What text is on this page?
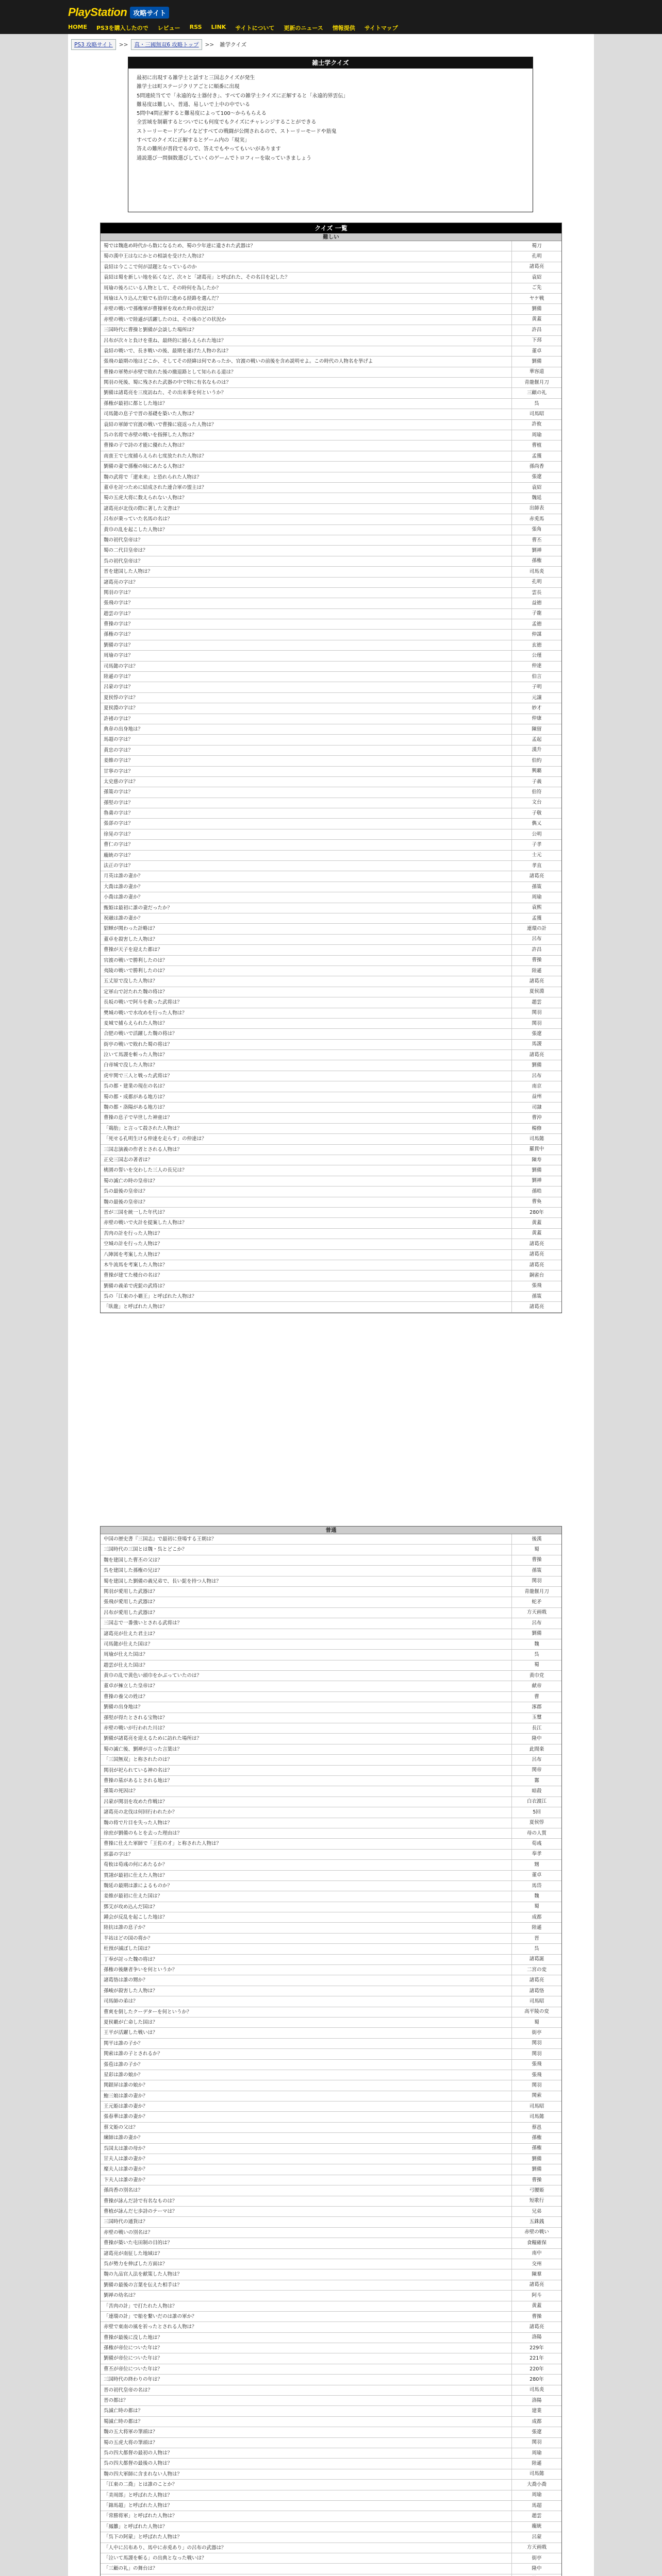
PlayStation 攻略サイト
HOME PS3を購入したので レビュー RSS LINK サイトについて 更新のニュース 情報提供 サイトマップ
PS3 攻略サイト	>>	真・三國無双6 攻略トップ	>>	雑学クイズ
雑士学クイズ

最初に出現する雑学士と話すと三国志クイズが発生

雑学士は町ステージクリアごとに順番に出現

5問連続当てで「永遠的な士器付き」、すべての雑学士クイズに正解すると「永遠的界雲伝」

難易度は難しい、普通、易しいで上中の中でいる

5問中4問正解すると難易度によって100～からもらえる

全雲域を制覇するとついでにも何度でもクイズにチャレンジすることができる

ストーリーモードプレイなどすべての戦闘が公開されるので、ストーリーモードや筋鬼

すべてのクイズに正解するとゲーム内の「現実」

答えの難所が普段でるので、答えでもやってもいいがあります

通説選び一問個数選びしていくのゲームでトロフィーを取っていきましょう

クイズ 一覧
難しい
蜀では魏進め時代から数になるため、蜀の少年達に遺された武器は？	蜀刀
蜀の漢中王はなにかとの相談を受けた人物は？	孔明
袁紹は今ここで何が話題となっているのか	諸葛亮
袁紹は蜀を新しい地を拓くなど、次々と「諸葛亮」と呼ばれた、その名目を記した？	袁紹
周瑜の後ろにいる人物として、その時何を為したか？	ご先
周瑜は入り込んだ船でも沿岸に進める経路を選んだ？	ヤケ戦
赤壁の戦いで孫権軍が曹操軍を攻めた時の状況は？	劉備
赤壁の戦いで陸遜が活躍したのは、その後のどの状況か	黄蓋
三国時代に曹操と劉備が会談した場所は？	許昌
呂布が次々と負けを重ね、最終的に捕らえられた地は？	下邳
袁紹の戦いで、長き戦いの後、最期を遂げた人物の名は？	董卓
張飛の最期の地はどこか、そしてその経緯は何であったか、官渡の戦いの前後を含め説明せよ。この時代の人物名を挙げよ	劉備
曹操の軍勢が赤壁で敗れた後の撤退路として知られる道は？	華容道
関羽の死後、蜀に残された武器の中で特に有名なものは？	青龍偃月刀
劉備は諸葛亮を三度訪ねた、その出来事を何というか？	三顧の礼
孫権が最初に都とした地は？	呉
司馬懿の息子で晋の基礎を築いた人物は？	司馬昭
袁紹の軍師で官渡の戦いで曹操に寝返った人物は？	許攸
呉の名将で赤壁の戦いを指揮した人物は？	周瑜
曹操の子で詩の才能に優れた人物は？	曹植
南蛮王で七度捕らえられ七度放たれた人物は？	孟獲
劉備の妻で孫権の妹にあたる人物は？	孫尚香
魏の武将で「遼来来」と恐れられた人物は？	張遼
董卓を討つために結成された連合軍の盟主は？	袁紹
蜀の五虎大将に数えられない人物は？	魏延
諸葛亮が北伐の際に著した文書は？	出師表
呂布が乗っていた名馬の名は？	赤兎馬
黄巾の乱を起こした人物は？	張角
魏の初代皇帝は？	曹丕
蜀の二代目皇帝は？	劉禅
呉の初代皇帝は？	孫権
晋を建国した人物は？	司馬炎
諸葛亮の字は？	孔明
関羽の字は？	雲長
張飛の字は？	益徳
趙雲の字は？	子龍
曹操の字は？	孟徳
孫権の字は？	仲謀
劉備の字は？	玄徳
周瑜の字は？	公瑾
司馬懿の字は？	仲達
陸遜の字は？	伯言
呂蒙の字は？	子明
夏侯惇の字は？	元譲
夏侯淵の字は？	妙才
許褚の字は？	仲康
典韋の出身地は？	陳留
馬超の字は？	孟起
黄忠の字は？	漢升
姜維の字は？	伯約
甘寧の字は？	興覇
太史慈の字は？	子義
孫策の字は？	伯符
孫堅の字は？	文台
魯粛の字は？	子敬
張郃の字は？	儁乂
徐晃の字は？	公明
曹仁の字は？	子孝
龐統の字は？	士元
法正の字は？	孝直
月英は誰の妻か？	諸葛亮
大喬は誰の妻か？	孫策
小喬は誰の妻か？	周瑜
甄姫は最初に誰の妻だったか？	袁熙
祝融は誰の妻か？	孟獲
貂蝉が関わった計略は？	連環の計
董卓を殺害した人物は？	呂布
曹操が天子を迎えた都は？	許昌
官渡の戦いで勝利したのは？	曹操
夷陵の戦いで勝利したのは？	陸遜
五丈原で没した人物は？	諸葛亮
定軍山で討たれた魏の将は？	夏侯淵
長坂の戦いで阿斗を救った武将は？	趙雲
樊城の戦いで水攻めを行った人物は？	関羽
麦城で捕らえられた人物は？	関羽
合肥の戦いで活躍した魏の将は？	張遼
街亭の戦いで敗れた蜀の将は？	馬謖
泣いて馬謖を斬った人物は？	諸葛亮
白帝城で没した人物は？	劉備
虎牢関で三人と戦った武将は？	呂布
呉の都・建業の現在の名は？	南京
蜀の都・成都がある地方は？	益州
魏の都・洛陽がある地方は？	司隷
曹操の息子で早世した神童は？	曹沖
「鶏肋」と言って殺された人物は？	楊修
「死せる孔明生ける仲達を走らす」の仲達は？	司馬懿
三国志演義の作者とされる人物は？	羅貫中
正史三国志の著者は？	陳寿
桃園の誓いを交わした三人の長兄は？	劉備
蜀の滅亡の時の皇帝は？	劉禅
呉の最後の皇帝は？	孫晧
魏の最後の皇帝は？	曹奐
晋が三国を統一した年代は？	280年
赤壁の戦いで火計を提案した人物は？	黄蓋
苦肉の計を行った人物は？	黄蓋
空城の計を行った人物は？	諸葛亮
八陣図を考案した人物は？	諸葛亮
木牛流馬を考案した人物は？	諸葛亮
曹操が建てた楼台の名は？	銅雀台
劉備の義弟で虎髭の武将は？	張飛
呉の「江東の小覇王」と呼ばれた人物は？	孫策
「臥龍」と呼ばれた人物は？	諸葛亮
普通
中国の歴史書『三国志』で最初に登場する王朝は？	後漢
三国時代の三国とは魏・呉とどこか？	蜀
魏を建国した曹丕の父は？	曹操
呉を建国した孫権の兄は？	孫策
蜀を建国した劉備の義兄弟で、長い髭を持つ人物は？	関羽
関羽が愛用した武器は？	青龍偃月刀
張飛が愛用した武器は？	蛇矛
呂布が愛用した武器は？	方天画戟
三国志で一番強いとされる武将は？	呂布
諸葛亮が仕えた君主は？	劉備
司馬懿が仕えた国は？	魏
周瑜が仕えた国は？	呉
趙雲が仕えた国は？	蜀
黄巾の乱で黄色い頭巾をかぶっていたのは？	黄巾党
董卓が擁立した皇帝は？	献帝
曹操の養父の姓は？	曹
劉備の出身地は？	涿郡
孫堅が得たとされる宝物は？	玉璽
赤壁の戦いが行われた川は？	長江
劉備が諸葛亮を迎えるために訪れた場所は？	隆中
蜀の滅亡後、劉禅が言った言葉は？	此間楽
「三国無双」と称されたのは？	呂布
関羽が祀られている神の名は？	関帝
曹操の墓があるとされる地は？	鄴
孫策の死因は？	暗殺
呂蒙が関羽を攻めた作戦は？	白衣渡江
諸葛亮の北伐は何回行われたか？	5回
魏の将で片目を失った人物は？	夏侯惇
徐庶が劉備のもとを去った理由は？	母の人質
曹操に仕えた軍師で「王佐の才」と称された人物は？	荀彧
郭嘉の字は？	奉孝
荀攸は荀彧の何にあたるか？	甥
賈詡が最初に仕えた人物は？	董卓
魏延の最期は誰によるものか？	馬岱
姜維が最初に仕えた国は？	魏
鄧艾が攻め込んだ国は？	蜀
鍾会が反乱を起こした地は？	成都
陸抗は誰の息子か？	陸遜
羊祜はどの国の将か？	晋
杜預が滅ぼした国は？	呉
丁奉が討った魏の将は？	諸葛誕
孫権の後継者争いを何というか？	二宮の変
諸葛恪は誰の甥か？	諸葛亮
孫峻が殺害した人物は？	諸葛恪
司馬師の弟は？	司馬昭
曹爽を倒したクーデターを何というか？	高平陵の変
夏侯覇が亡命した国は？	蜀
王平が活躍した戦いは？	街亭
関平は誰の子か？	関羽
関索は誰の子とされるか？	関羽
張苞は誰の子か？	張飛
星彩は誰の娘か？	張飛
関銀屏は誰の娘か？	関羽
鮑三娘は誰の妻か？	関索
王元姫は誰の妻か？	司馬昭
張春華は誰の妻か？	司馬懿
蔡文姫の父は？	蔡邕
練師は誰の妻か？	孫権
呉国太は誰の母か？	孫権
甘夫人は誰の妻か？	劉備
糜夫人は誰の妻か？	劉備
卞夫人は誰の妻か？	曹操
孫尚香の別名は？	弓腰姫
曹操が詠んだ詩で有名なものは？	短歌行
曹植が詠んだ七歩詩のテーマは？	兄弟
三国時代の通貨は？	五銖銭
赤壁の戦いの別名は？	赤壁の戦い
曹操が築いた屯田制の目的は？	食糧確保
諸葛亮が南征した地域は？	南中
呉が勢力を伸ばした方面は？	交州
魏の九品官人法を献策した人物は？	陳羣
劉備の最後の言葉を伝えた相手は？	諸葛亮
劉禅の幼名は？	阿斗
「苦肉の計」で打たれた人物は？	黄蓋
「連環の計」で船を繋いだのは誰の軍か？	曹操
赤壁で東南の風を祈ったとされる人物は？	諸葛亮
曹操が最後に没した地は？	洛陽
孫権が帝位についた年は？	229年
劉備が帝位についた年は？	221年
曹丕が帝位についた年は？	220年
三国時代の終わりの年は？	280年
晋の初代皇帝の名は？	司馬炎
晋の都は？	洛陽
呉滅亡時の都は？	建業
蜀滅亡時の都は？	成都
魏の五大将軍の筆頭は？	張遼
蜀の五虎大将の筆頭は？	関羽
呉の四大都督の最初の人物は？	周瑜
呉の四大都督の最後の人物は？	陸遜
魏の四大軍師に含まれない人物は？	司馬懿
「江東の二喬」とは誰のことか？	大喬小喬
「美周郎」と呼ばれた人物は？	周瑜
「錦馬超」と呼ばれた人物は？	馬超
「常勝将軍」と呼ばれた人物は？	趙雲
「鳳雛」と呼ばれた人物は？	龐統
「呉下の阿蒙」と呼ばれた人物は？	呂蒙
「人中に呂布あり、馬中に赤兎あり」の呂布の武器は？	方天画戟
「泣いて馬謖を斬る」の出典となった戦いは？	街亭
「三顧の礼」の舞台は？	隆中
